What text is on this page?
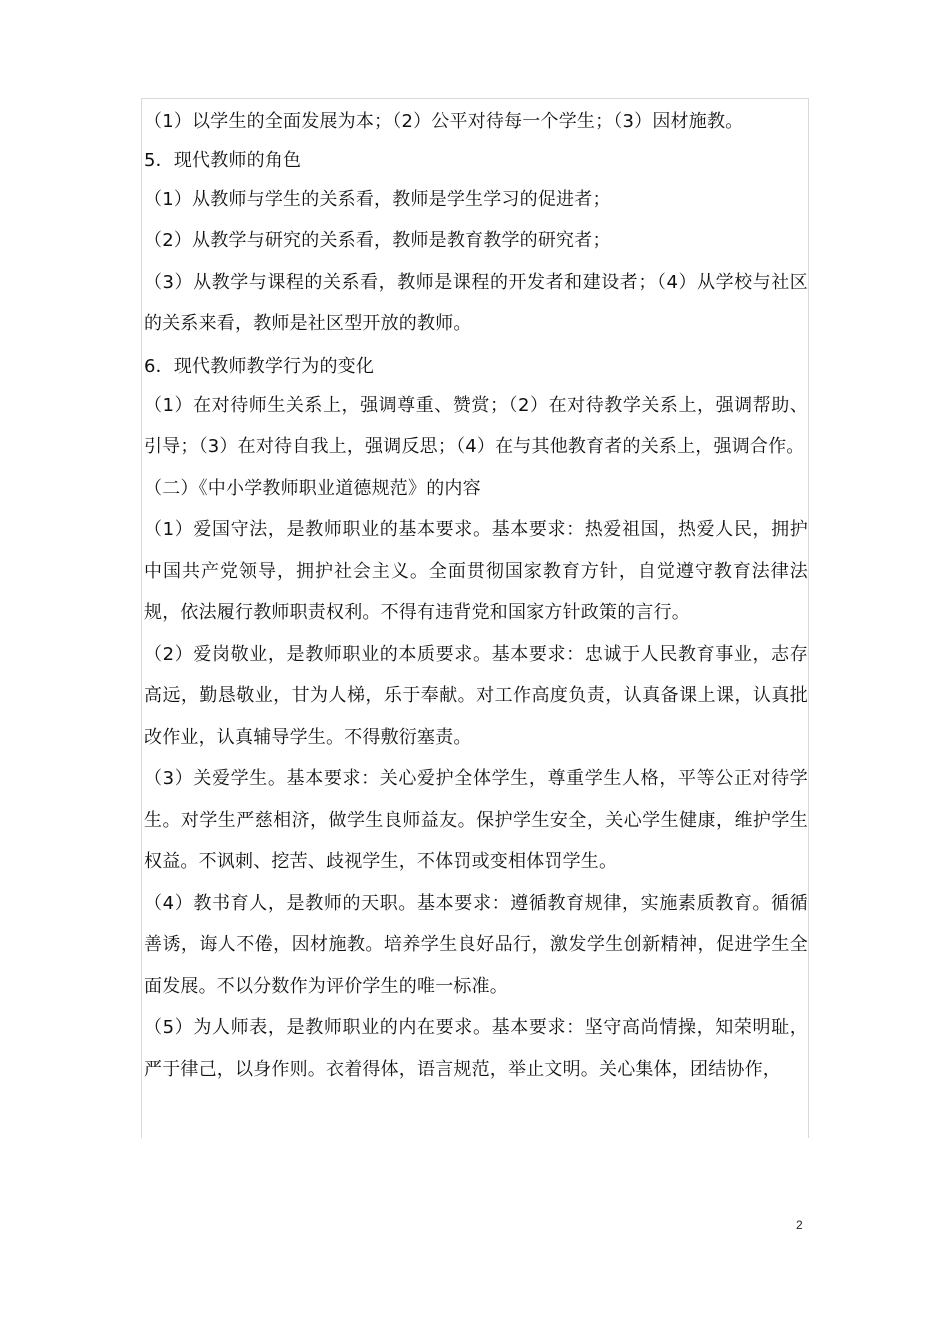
（1）以学生的全面发展为本；（2）公平对待每一个学生；（3）因材施教。

5．现代教师的角色

（1）从教师与学生的关系看，教师是学生学习的促进者；

（2）从教学与研究的关系看，教师是教育教学的研究者；

（3）从教学与课程的关系看，教师是课程的开发者和建设者；（4）从学校与社区的关系来看，教师是社区型开放的教师。

6．现代教师教学行为的变化

（1）在对待师生关系上，强调尊重、赞赏；（2）在对待教学关系上，强调帮助、引导；（3）在对待自我上，强调反思；（4）在与其他教育者的关系上，强调合作。

（二）《中小学教师职业道德规范》的内容

（1）爱国守法，是教师职业的基本要求。基本要求：热爱祖国，热爱人民，拥护中国共产党领导，拥护社会主义。全面贯彻国家教育方针，自觉遵守教育法律法规，依法履行教师职责权利。不得有违背党和国家方针政策的言行。

（2）爱岗敬业，是教师职业的本质要求。基本要求：忠诚于人民教育事业，志存高远，勤恳敬业，甘为人梯，乐于奉献。对工作高度负责，认真备课上课，认真批改作业，认真辅导学生。不得敷衍塞责。

（3）关爱学生。基本要求：关心爱护全体学生，尊重学生人格，平等公正对待学生。对学生严慈相济，做学生良师益友。保护学生安全，关心学生健康，维护学生权益。不讽刺、挖苦、歧视学生，不体罚或变相体罚学生。

（4）教书育人，是教师的天职。基本要求：遵循教育规律，实施素质教育。循循善诱，诲人不倦，因材施教。培养学生良好品行，激发学生创新精神，促进学生全面发展。不以分数作为评价学生的唯一标准。

（5）为人师表，是教师职业的内在要求。基本要求：坚守高尚情操，知荣明耻，严于律己，以身作则。衣着得体，语言规范，举止文明。关心集体，团结协作，

2
